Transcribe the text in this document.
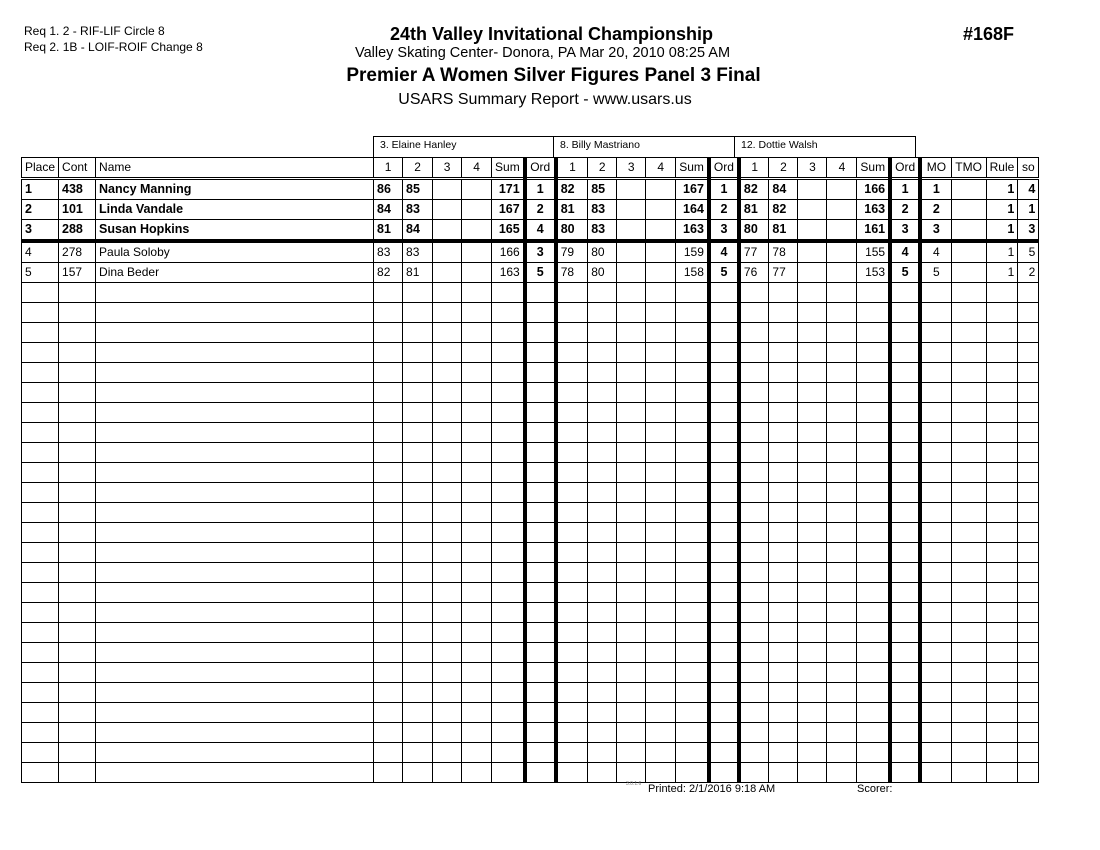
Req 1. 2 - RIF-LIF Circle 8
Req 2. 1B - LOIF-ROIF Change 8
24th Valley Invitational Championship
Valley Skating Center- Donora, PA Mar 20, 2010 08:25 AM
Premier A Women Silver Figures Panel 3 Final
USARS Summary Report - www.usars.us
#168F
3. Elaine Hanley	8. Billy Mastriano	12. Dottie Walsh
Place	Cont	Name	1	2	3	4	Sum	Ord	1	2	3	4	Sum	Ord	1	2	3	4	Sum	Ord	MO	TMO	Rule	so
1	438	Nancy Manning	86	85			171	1	82	85			167	1	82	84			166	1	1		1	4
2	101	Linda Vandale	84	83			167	2	81	83			164	2	81	82			163	2	2		1	1
3	288	Susan Hopkins	81	84			165	4	80	83			163	3	80	81			161	3	3		1	3
4	278	Paula Soloby	83	83			166	3	79	80			159	4	77	78			155	4	4		1	5
5	157	Dina Beder	82	81			163	5	78	80			158	5	76	77			153	5	5		1	2

3.0.1.6 Printed: 2/1/2016 9:18 AM	Scorer:
